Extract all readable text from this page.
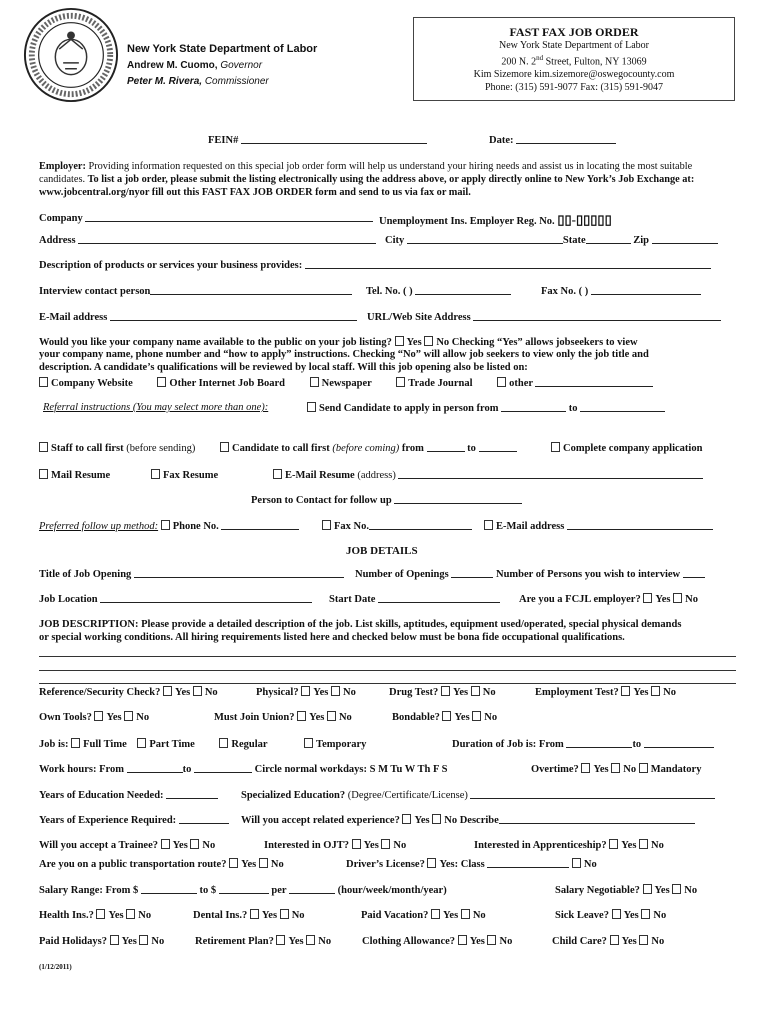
New York State Department of Labor
Andrew M. Cuomo, Governor
Peter M. Rivera, Commissioner
FAST FAX JOB ORDER
New York State Department of Labor
200 N. 2nd Street, Fulton, NY 13069
Kim Sizemore kim.sizemore@oswegocounty.com
Phone: (315) 591-9077 Fax: (315) 591-9047
FEIN#	Date:
Employer: Providing information requested on this special job order form will help us understand your hiring needs and assist us in locating the most suitable candidates. To list a job order, please submit the listing electronically using the address above, or apply directly online to New York’s Job Exchange at: www.jobcentral.org/nyor fill out this FAST FAX JOB ORDER form and send to us via fax or mail.
Company	Unemployment Ins. Employer Reg. No. ▯▯-▯▯▯▯▯
Address	City	State	Zip
Description of products or services your business provides:
Interview contact person	Tel. No. ( )	Fax No. ( )
E-Mail address	URL/Web Site Address
Would you like your company name available to the public on your job listing? Yes No Checking “Yes” allows jobseekers to view
your company name, phone number and “how to apply” instructions. Checking “No” will allow job seekers to view only the job title and
description. A candidate’s qualifications will be reviewed by local staff. Will this job opening also be listed on:
Company Website	Other Internet Job Board	Newspaper	Trade Journal	other
Referral instructions (You may select more than one):	Send Candidate to apply in person from	to
Staff to call first (before sending)	Candidate to call first (before coming) from	to	Complete company application
Mail Resume	Fax Resume	E-Mail Resume (address)
Person to Contact for follow up
Preferred follow up method: Phone No.	Fax No.	E-Mail address
JOB DETAILS
Title of Job Opening	Number of Openings	Number of Persons you wish to interview
Job Location	Start Date	Are you a FCJL employer? Yes No
JOB DESCRIPTION: Please provide a detailed description of the job. List skills, aptitudes, equipment used/operated, special physical demands
or special working conditions. All hiring requirements listed here and checked below must be bona fide occupational qualifications.
Reference/Security Check? Yes No	Physical? Yes No	Drug Test? Yes No	Employment Test? Yes No
Own Tools? Yes No	Must Join Union? Yes No	Bondable? Yes No
Job is: Full Time Part Time	Regular	Temporary	Duration of Job is: From	to
Work hours: From	to	Circle normal workdays: S M Tu W Th F S	Overtime? Yes No Mandatory
Years of Education Needed:	Specialized Education? (Degree/Certificate/License)
Years of Experience Required:	Will you accept related experience? Yes No Describe
Will you accept a Trainee? Yes No	Interested in OJT? Yes No	Interested in Apprenticeship? Yes No
Are you on a public transportation route? Yes No	Driver’s License? Yes: Class	No
Salary Range: From $	to $	per	(hour/week/month/year)	Salary Negotiable? Yes No
Health Ins.? Yes No	Dental Ins.? Yes No	Paid Vacation? Yes No	Sick Leave? Yes No
Paid Holidays? Yes No	Retirement Plan? Yes No	Clothing Allowance? Yes No	Child Care? Yes No
(1/12/2011)
